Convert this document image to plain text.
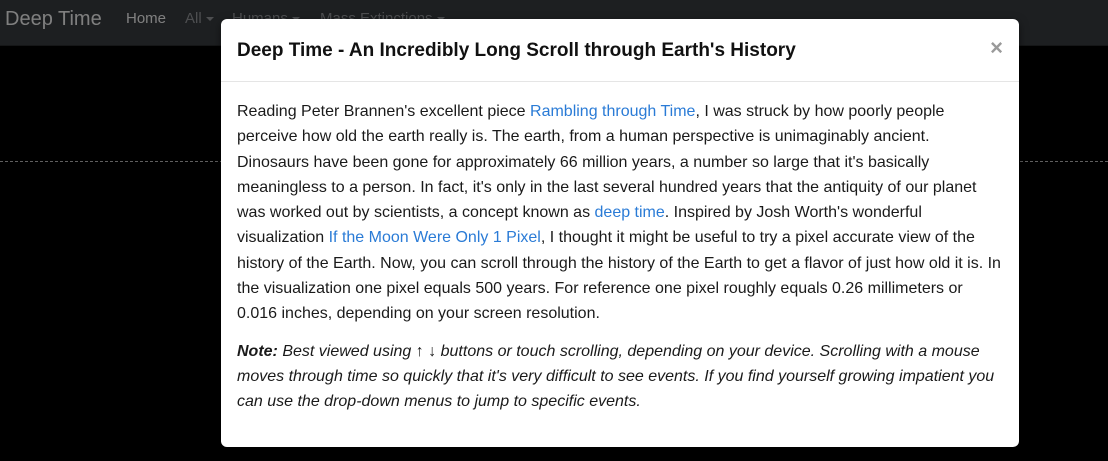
Deep Time - An Incredibly Long Scroll through Earth's History	×

Reading Peter Brannen's excellent piece Rambling through Time, I was struck by how poorly people perceive how old the earth really is. The earth, from a human perspective is unimaginably ancient. Dinosaurs have been gone for approximately 66 million years, a number so large that it's basically meaningless to a person. In fact, it's only in the last several hundred years that the antiquity of our planet was worked out by scientists, a concept known as deep time. Inspired by Josh Worth's wonderful visualization If the Moon Were Only 1 Pixel, I thought it might be useful to try a pixel accurate view of the history of the Earth. Now, you can scroll through the history of the Earth to get a flavor of just how old it is. In the visualization one pixel equals 500 years. For reference one pixel roughly equals 0.26 millimeters or 0.016 inches, depending on your screen resolution.

Note: Best viewed using ↑ ↓ buttons or touch scrolling, depending on your device. Scrolling with a mouse moves through time so quickly that it's very difficult to see events. If you find yourself growing impatient you can use the drop-down menus to jump to specific events.
